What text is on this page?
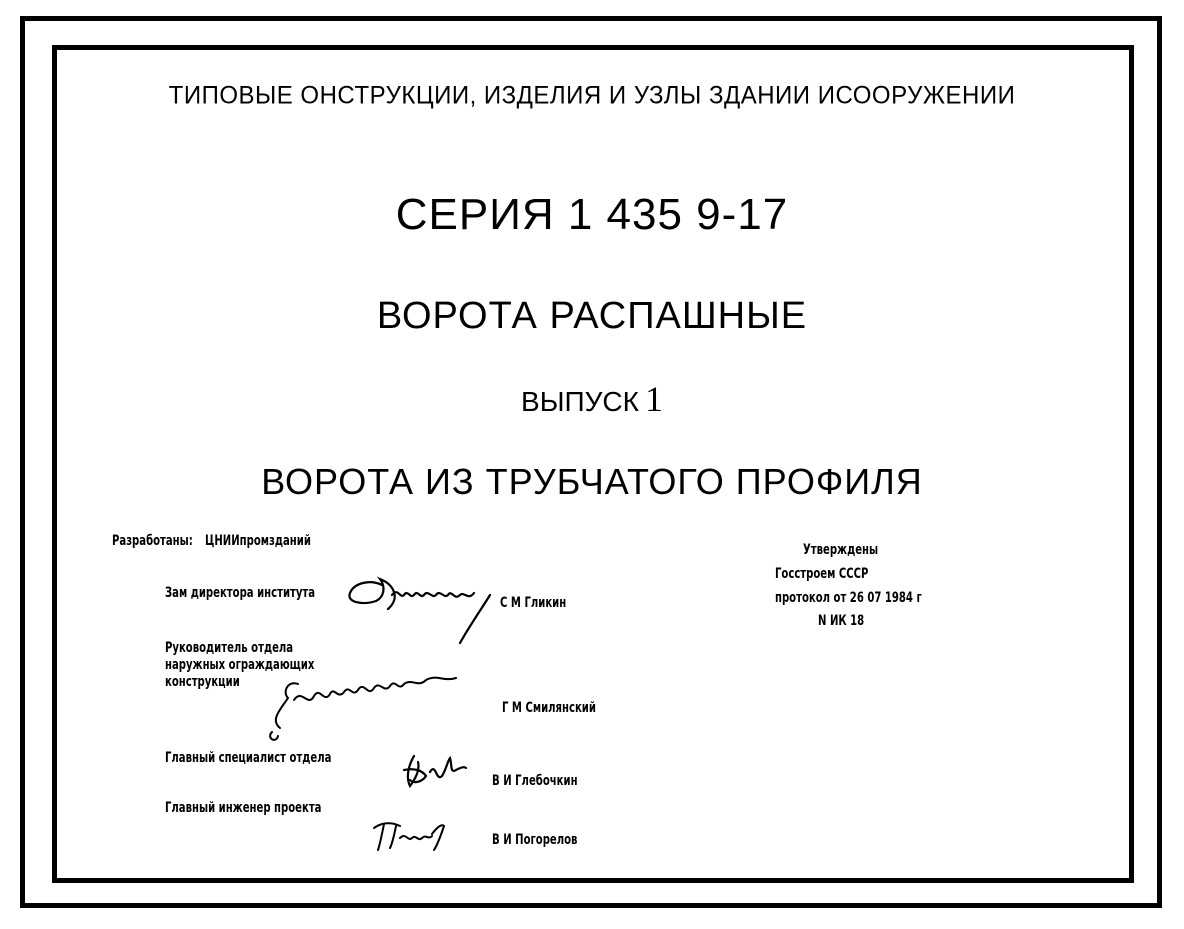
ТИПОВЫЕ ОНСТРУКЦИИ, ИЗДЕЛИЯ И УЗЛЫ ЗДАНИИ ИСООРУЖЕНИИ
СЕРИЯ 1 435 9-17
ВОРОТА РАСПАШНЫЕ
ВЫПУСК 1
ВОРОТА ИЗ ТРУБЧАТОГО ПРОФИЛЯ
Разработаны: ЦНИИпромзданий
Зам директора института
С М Гликин
Руководитель отдела
наружных ограждающих
конструкции
Г М Смилянский
Главный специалист отдела
В И Глебочкин
Главный инженер проекта
В И Погорелов
Утверждены
Госстроем СССР
протокол от 26 07 1984 г
N ИК 18
